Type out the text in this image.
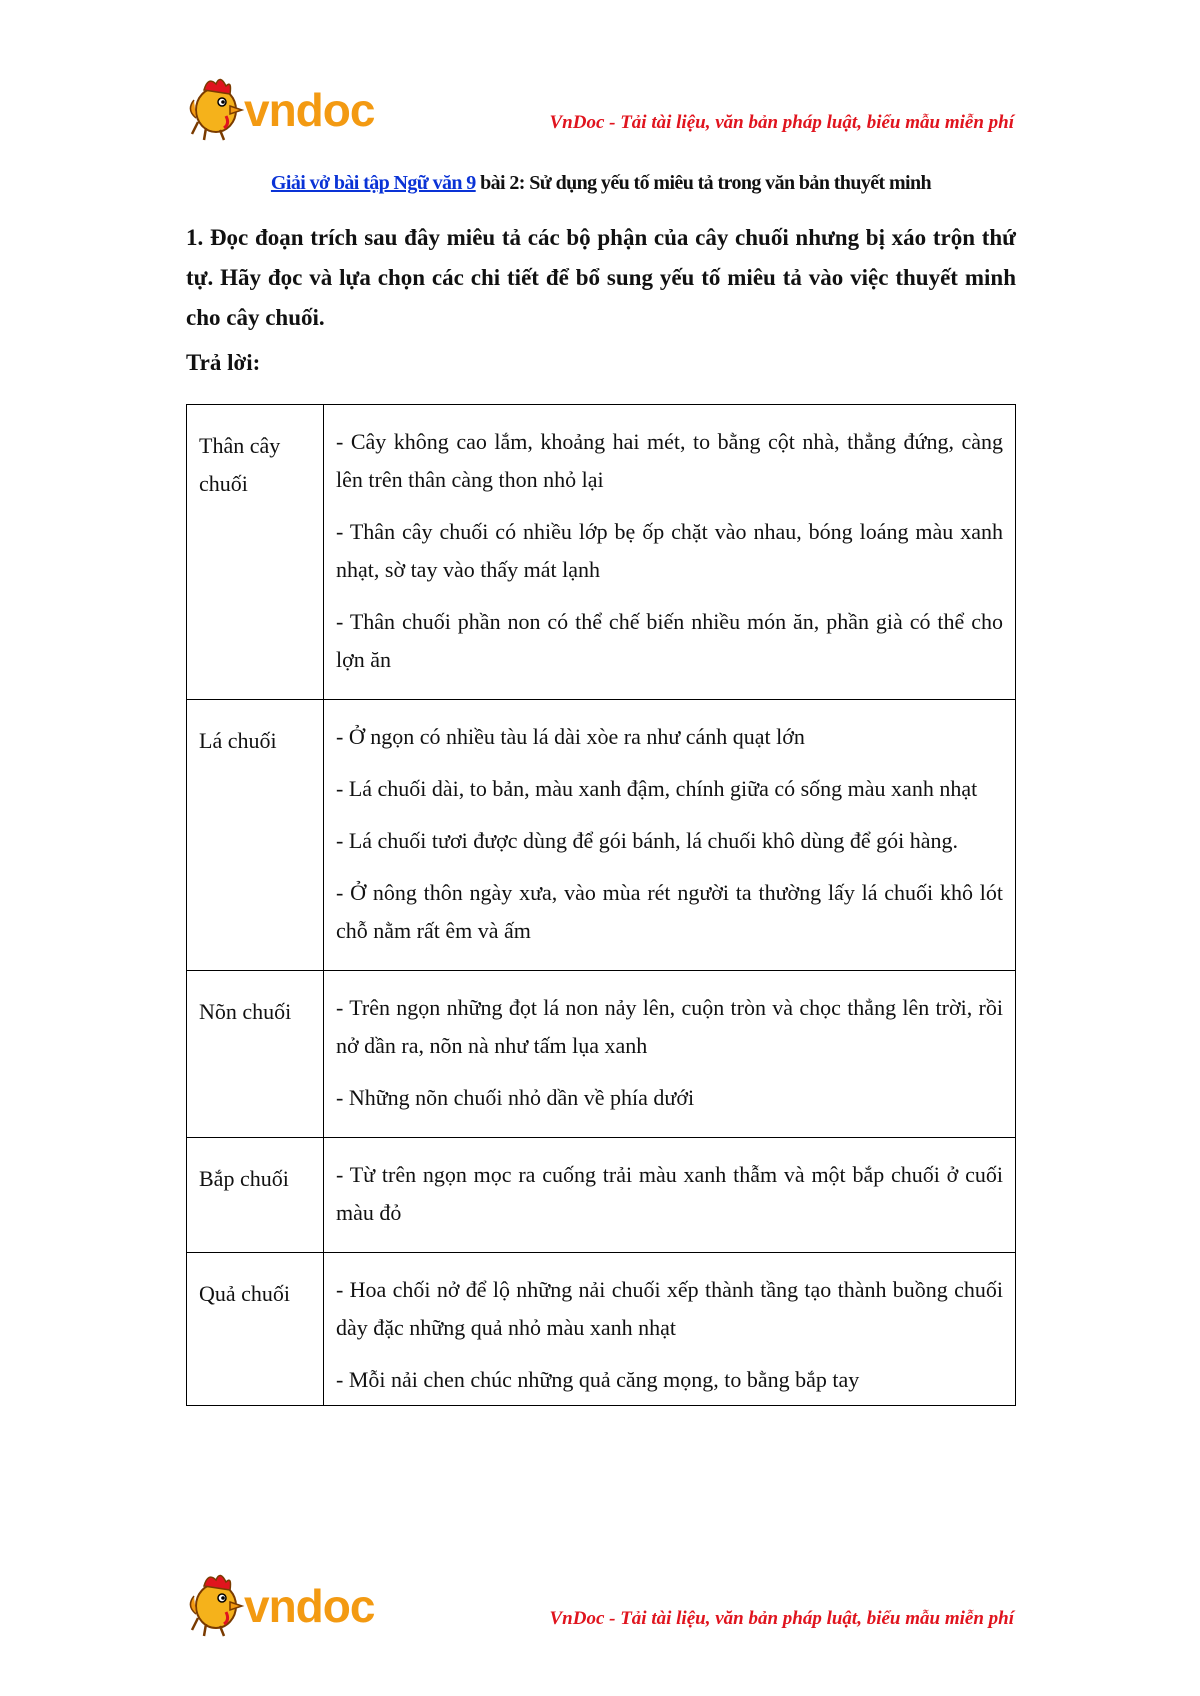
vndoc	VnDoc - Tải tài liệu, văn bản pháp luật, biểu mẫu miễn phí
Giải vở bài tập Ngữ văn 9 bài 2: Sử dụng yếu tố miêu tả trong văn bản thuyết minh
1. Đọc đoạn trích sau đây miêu tả các bộ phận của cây chuối nhưng bị xáo trộn thứ tự. Hãy đọc và lựa chọn các chi tiết để bổ sung yếu tố miêu tả vào việc thuyết minh cho cây chuối.
Trả lời:
Thân cây chuối	- Cây không cao lắm, khoảng hai mét, to bằng cột nhà, thẳng đứng, càng lên trên thân càng thon nhỏ lại
- Thân cây chuối có nhiều lớp bẹ ốp chặt vào nhau, bóng loáng màu xanh nhạt, sờ tay vào thấy mát lạnh
- Thân chuối phần non có thể chế biến nhiều món ăn, phần già có thể cho lợn ăn

Lá chuối	- Ở ngọn có nhiều tàu lá dài xòe ra như cánh quạt lớn
- Lá chuối dài, to bản, màu xanh đậm, chính giữa có sống màu xanh nhạt
- Lá chuối tươi được dùng để gói bánh, lá chuối khô dùng để gói hàng.
- Ở nông thôn ngày xưa, vào mùa rét người ta thường lấy lá chuối khô lót chỗ nằm rất êm và ấm

Nõn chuối	- Trên ngọn những đọt lá non nảy lên, cuộn tròn và chọc thẳng lên trời, rồi nở dần ra, nõn nà như tấm lụa xanh
- Những nõn chuối nhỏ dần về phía dưới

Bắp chuối	- Từ trên ngọn mọc ra cuống trải màu xanh thẫm và một bắp chuối ở cuối màu đỏ

Quả chuối	- Hoa chối nở để lộ những nải chuối xếp thành tầng tạo thành buồng chuối dày đặc những quả nhỏ màu xanh nhạt
- Mỗi nải chen chúc những quả căng mọng, to bằng bắp tay
vndoc	VnDoc - Tải tài liệu, văn bản pháp luật, biểu mẫu miễn phí
